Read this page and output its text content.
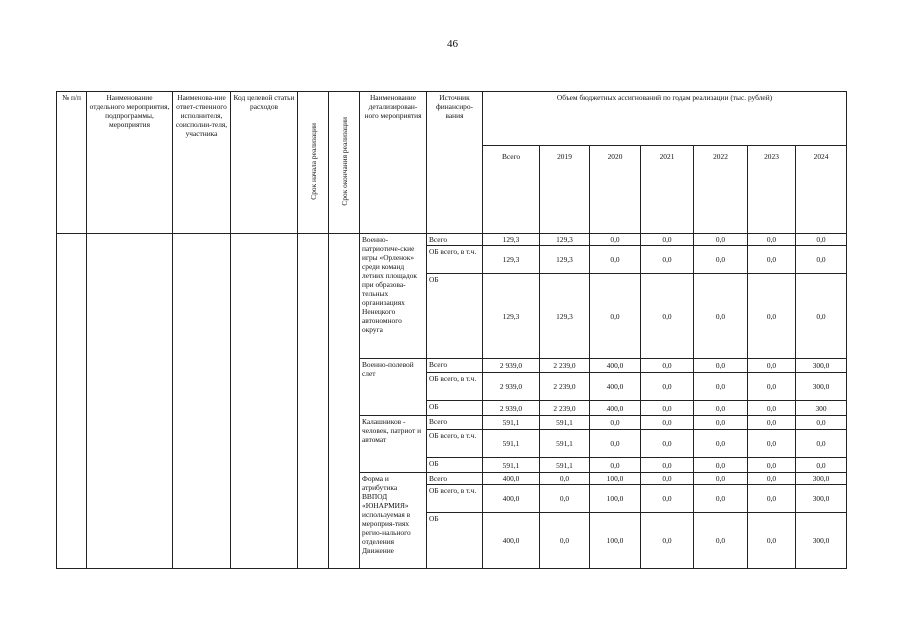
46
№ п/п	Наименование отдельного мероприятия, подпрограммы, мероприятия	Наименова-ние ответ-ственного исполнителя, соисполни-теля, участника	Код целевой статьи расходов	Срок начала реализации	Срок окончания реализации	Наименование детализирован-ного мероприятия	Источник финансиро-вания	Объем бюджетных ассигнований по годам реализации (тыс. рублей)						
								Всего	2019	2020	2021	2022	2023	2024
						Военно-патриотиче-ские игры «Орленок» среди команд летних площадок при образова-тельных организациях Ненецкого автономного округа	Всего	129,3	129,3	0,0	0,0	0,0	0,0	0,0
							ОБ всего, в т.ч.	129,3	129,3	0,0	0,0	0,0	0,0	0,0
							ОБ	129,3	129,3	0,0	0,0	0,0	0,0	0,0
						Военно-полевой слет	Всего	2 939,0	2 239,0	400,0	0,0	0,0	0,0	300,0
							ОБ всего, в т.ч.	2 939,0	2 239,0	400,0	0,0	0,0	0,0	300,0
							ОБ	2 939,0	2 239,0	400,0	0,0	0,0	0,0	300
						Калашников - человек, патриот и автомат	Всего	591,1	591,1	0,0	0,0	0,0	0,0	0,0
							ОБ всего, в т.ч.	591,1	591,1	0,0	0,0	0,0	0,0	0,0
							ОБ	591,1	591,1	0,0	0,0	0,0	0,0	0,0
						Форма и атрибутика ВВПОД «ЮНАРМИЯ» используемая в мероприя-тиях регио-нального отделения Движение	Всего	400,0	0,0	100,0	0,0	0,0	0,0	300,0
							ОБ всего, в т.ч.	400,0	0,0	100,0	0,0	0,0	0,0	300,0
							ОБ	400,0	0,0	100,0	0,0	0,0	0,0	300,0
